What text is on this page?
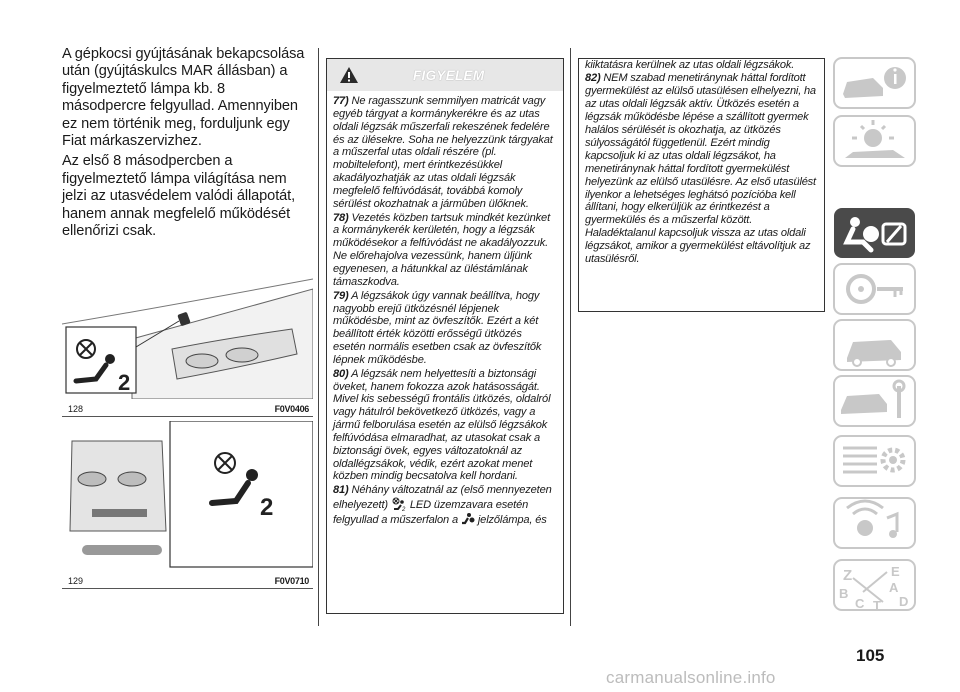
A gépkocsi gyújtásának bekapcsolása után (gyújtáskulcs MAR állásban) a figyelmeztető lámpa kb. 8 másodpercre felgyullad. Amennyiben ez nem történik meg, forduljunk egy Fiat márkaszervizhez.

Az első 8 másodpercben a figyelmeztető lámpa világítása nem jelzi az utasvédelem valódi állapotát, hanem annak megfelelő működését ellenőrizi csak.

2
128	F0V0406
2
129	F0V0710
FIGYELEM

77) Ne ragasszunk semmilyen matricát vagy egyéb tárgyat a kormánykerékre és az utas oldali légzsák műszerfali rekeszének fedelére és az ülésekre. Soha ne helyezzünk tárgyakat a műszerfal utas oldali részére (pl. mobiltelefont), mert érintkezésükkel akadályozhatják az utas oldali légzsák megfelelő felfúvódását, továbbá komoly sérülést okozhatnak a jármûben ülőknek.

78) Vezetés közben tartsuk mindkét kezünket a kormánykerék kerületén, hogy a légzsák működésekor a felfúvódást ne akadályozzuk. Ne előrehajolva vezessünk, hanem üljünk egyenesen, a hátunkkal az üléstámlának támaszkodva.

79) A légzsákok úgy vannak beállítva, hogy nagyobb erejű ütközésnél lépjenek működésbe, mint az övfeszítők. Ezért a két beállított érték közötti erősségű ütközés esetén normális esetben csak az övfeszítők lépnek működésbe.

80) A légzsák nem helyettesíti a biztonsági öveket, hanem fokozza azok hatásosságát. Mivel kis sebességű frontális ütközés, oldalról vagy hátulról bekövetkező ütközés, vagy a jármű felborulása esetén az elülső légzsákok felfúvódása elmaradhat, az utasokat csak a biztonsági övek, egyes változatoknál az oldallégzsákok, védik, ezért azokat menet közben mindig becsatolva kell hordani.

81) Néhány változatnál az (első mennyezeten elhelyezett) 2 LED üzemzavara esetén felgyullad a műszerfalon a jelzőlámpa, és

kiiktatásra kerülnek az utas oldali légzsákok.

82) NEM szabad menetiránynak háttal fordított gyermekülést az elülső utasülésen elhelyezni, ha az utas oldali légzsák aktív. Ütközés esetén a légzsák működésbe lépése a szállított gyermek halálos sérülését is okozhatja, az ütközés súlyosságától függetlenül. Ezért mindig kapcsoljuk ki az utas oldali légzsákot, ha menetiránynak háttal fordított gyermekülést helyezünk az elülső utasülésre. Az első utasülést ilyenkor a lehetséges leghátsó pozícióba kell állítani, hogy elkerüljük az érintkezést a gyermekülés és a műszerfal között. Haladéktalanul kapcsoljuk vissza az utas oldali légzsákot, amikor a gyermekülést eltávolítjuk az utasülésről.

Z	E
A
B
C T D
105
carmanualsonline.info
